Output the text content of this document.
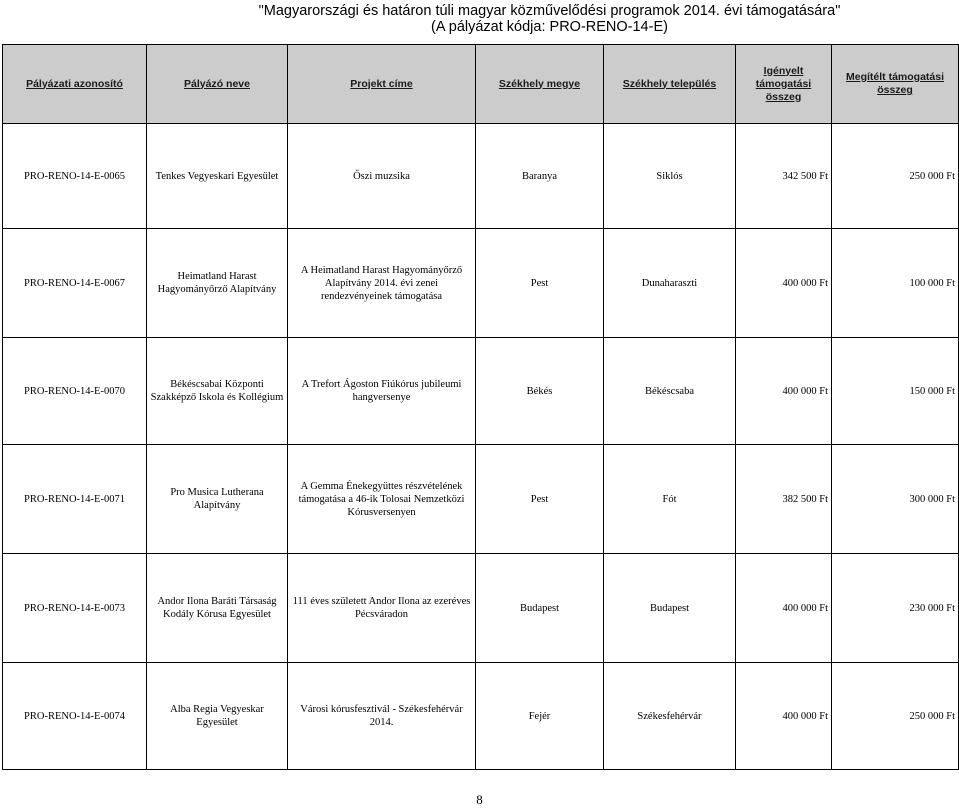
"Magyarországi és határon túli magyar közművelődési programok 2014. évi támogatására"
(A pályázat kódja: PRO-RENO-14-E)
Pályázati azonosító	Pályázó neve	Projekt címe	Székhely megye	Székhely település	Igényelt támogatási összeg	Megítélt támogatási összeg
PRO-RENO-14-E-0065	Tenkes Vegyeskari Egyesület	Őszi muzsika	Baranya	Siklós	342 500 Ft	250 000 Ft
PRO-RENO-14-E-0067	Heimatland Harast Hagyományőrző Alapítvány	A Heimatland Harast Hagyományőrző Alapítvány 2014. évi zenei rendezvényeinek támogatása	Pest	Dunaharaszti	400 000 Ft	100 000 Ft
PRO-RENO-14-E-0070	Békéscsabai Központi Szakképző Iskola és Kollégium	A Trefort Ágoston Fiúkórus jubileumi hangversenye	Békés	Békéscsaba	400 000 Ft	150 000 Ft
PRO-RENO-14-E-0071	Pro Musica Lutherana Alapítvány	A Gemma Énekegyüttes részvételének támogatása a 46-ik Tolosai Nemzetközi Kórusversenyen	Pest	Fót	382 500 Ft	300 000 Ft
PRO-RENO-14-E-0073	Andor Ilona Baráti Társaság Kodály Kórusa Egyesület	111 éves született Andor Ilona az ezeréves Pécsváradon	Budapest	Budapest	400 000 Ft	230 000 Ft
PRO-RENO-14-E-0074	Alba Regia Vegyeskar Egyesület	Városi kórusfesztivál - Székesfehérvár 2014.	Fejér	Székesfehérvár	400 000 Ft	250 000 Ft
8
